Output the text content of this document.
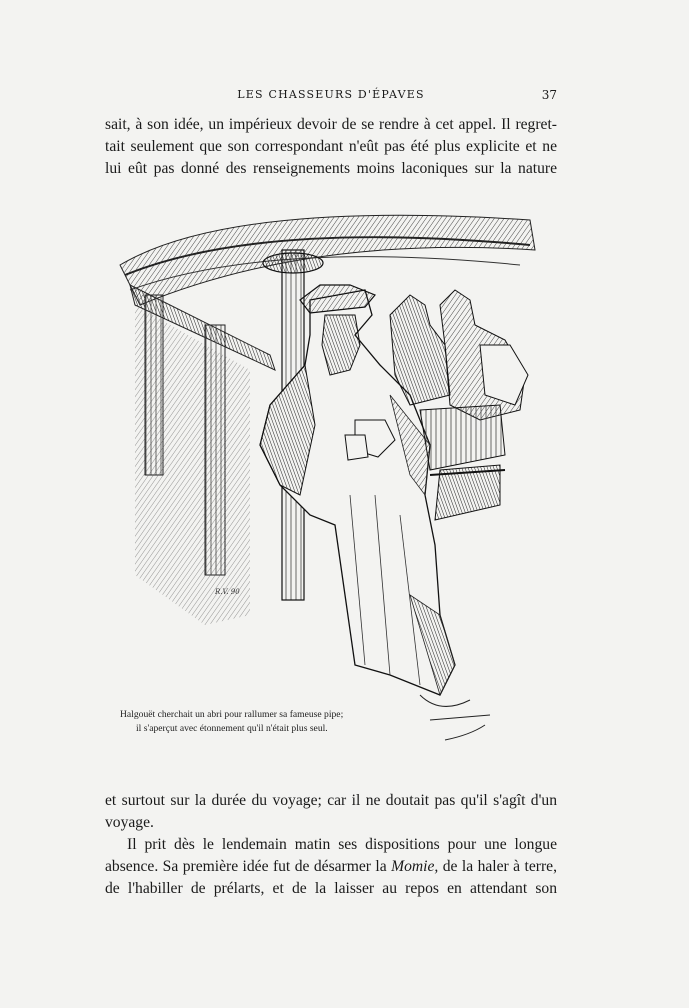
LES CHASSEURS D'ÉPAVES	37
sait, à son idée, un impérieux devoir de se rendre à cet appel. Il regret-
tait seulement que son correspondant n'eût pas été plus explicite et ne
lui eût pas donné des renseignements moins laconiques sur la nature
R.V. 90
Halgouët cherchait un abri pour rallumer sa fameuse pipe;
il s'aperçut avec étonnement qu'il n'était plus seul.
et surtout sur la durée du voyage; car il ne doutait pas qu'il s'agît d'un
voyage.
Il prit dès le lendemain matin ses dispositions pour une longue
absence. Sa première idée fut de désarmer la Momie, de la haler à terre,
de l'habiller de prélarts, et de la laisser au repos en attendant son
